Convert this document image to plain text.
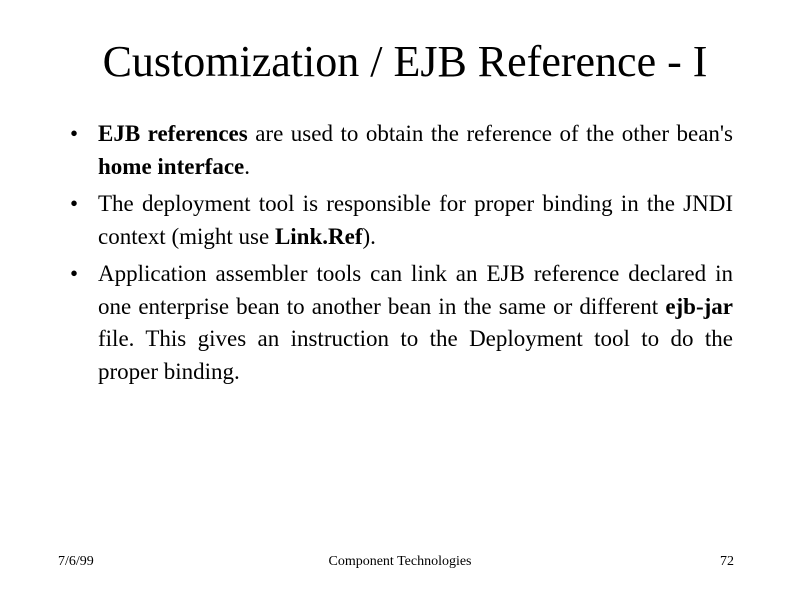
Customization / EJB Reference - I
• EJB references are used to obtain the reference of the other bean's home interface.
• The deployment tool is responsible for proper binding in the JNDI context (might use Link.Ref).
• Application assembler tools can link an EJB reference declared in one enterprise bean to another bean in the same or different ejb-jar file. This gives an instruction to the Deployment tool to do the proper binding.
7/6/99	Component Technologies	72
